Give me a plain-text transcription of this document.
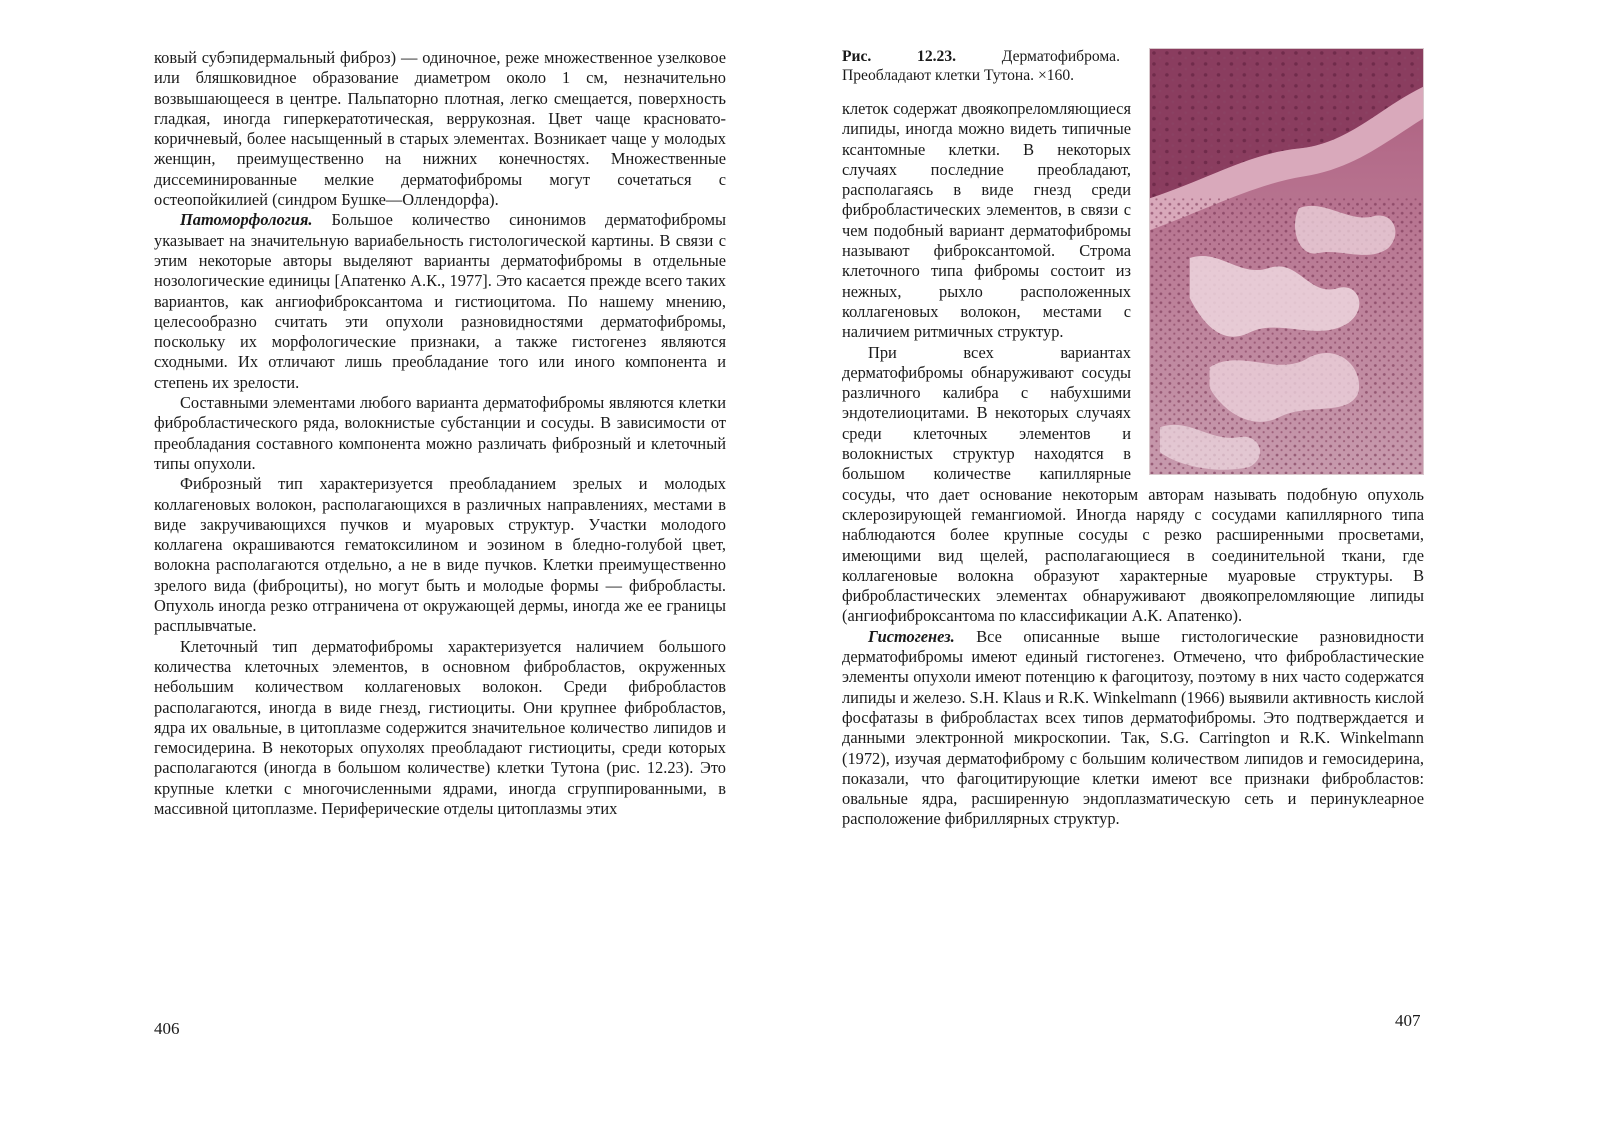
ковый субэпидермальный фиброз) — одиночное, реже множественное узелковое или бляшковидное образование диаметром около 1 см, незначительно возвышающееся в центре. Пальпаторно плотная, легко смещается, поверхность гладкая, иногда гиперкератотическая, веррукозная. Цвет чаще красновато-коричневый, более насыщенный в старых элементах. Возникает чаще у молодых женщин, преимущественно на нижних конечностях. Множественные диссеминированные мелкие дерматофибромы могут сочетаться с остеопойкилией (синдром Бушке—Оллендорфа).

Патоморфология. Большое количество синонимов дерматофибромы указывает на значительную вариабельность гистологической картины. В связи с этим некоторые авторы выделяют варианты дерматофибромы в отдельные нозологические единицы [Апатенко А.К., 1977]. Это касается прежде всего таких вариантов, как ангиофиброксантома и гистиоцитома. По нашему мнению, целесообразно считать эти опухоли разновидностями дерматофибромы, поскольку их морфологические признаки, а также гистогенез являются сходными. Их отличают лишь преобладание того или иного компонента и степень их зрелости.

Составными элементами любого варианта дерматофибромы являются клетки фибробластического ряда, волокнистые субстанции и сосуды. В зависимости от преобладания составного компонента можно различать фиброзный и клеточный типы опухоли.

Фиброзный тип характеризуется преобладанием зрелых и молодых коллагеновых волокон, располагающихся в различных направлениях, местами в виде закручивающихся пучков и муаровых структур. Участки молодого коллагена окрашиваются гематоксилином и эозином в бледно-голубой цвет, волокна располагаются отдельно, а не в виде пучков. Клетки преимущественно зрелого вида (фиброциты), но могут быть и молодые формы — фибробласты. Опухоль иногда резко отграничена от окружающей дермы, иногда же ее границы расплывчатые.

Клеточный тип дерматофибромы характеризуется наличием большого количества клеточных элементов, в основном фибробластов, окруженных небольшим количеством коллагеновых волокон. Среди фибробластов располагаются, иногда в виде гнезд, гистиоциты. Они крупнее фибробластов, ядра их овальные, в цитоплазме содержится значительное количество липидов и гемосидерина. В некоторых опухолях преобладают гистиоциты, среди которых располагаются (иногда в большом количестве) клетки Тутона (рис. 12.23). Это крупные клетки с многочисленными ядрами, иногда сгруппированными, в массивной цитоплазме. Периферические отделы цитоплазмы этих

406

Рис. 12.23. Дерматофиброма. Преобладают клетки Тутона. ×160.

клеток содержат двоякопреломляющиеся липиды, иногда можно видеть типичные ксантомные клетки. В некоторых случаях последние преобладают, располагаясь в виде гнезд среди фибробластических элементов, в связи с чем подобный вариант дерматофибромы называют фиброксантомой. Строма клеточного типа фибромы состоит из нежных, рыхло расположенных коллагеновых волокон, местами с наличием ритмичных структур.

При всех вариантах дерматофибромы обнаруживают сосуды различного калибра с набухшими эндотелиоцитами. В некоторых случаях среди клеточных элементов и волокнистых структур находятся в большом количестве капиллярные сосуды, что дает основание некоторым авторам называть подобную опухоль склерозирующей гемангиомой. Иногда наряду с сосудами капиллярного типа наблюдаются более крупные сосуды с резко расширенными просветами, имеющими вид щелей, располагающиеся в соединительной ткани, где коллагеновые волокна образуют характерные муаровые структуры. В фибробластических элементах обнаруживают двоякопреломляющие липиды (ангиофиброксантома по классификации А.К. Апатенко).

Гистогенез. Все описанные выше гистологические разновидности дерматофибромы имеют единый гистогенез. Отмечено, что фибробластические элементы опухоли имеют потенцию к фагоцитозу, поэтому в них часто содержатся липиды и железо. S.H. Klaus и R.K. Winkelmann (1966) выявили активность кислой фосфатазы в фибробластах всех типов дерматофибромы. Это подтверждается и данными электронной микроскопии. Так, S.G. Carrington и R.K. Winkelmann (1972), изучая дерматофиброму с большим количеством липидов и гемосидерина, показали, что фагоцитирующие клетки имеют все признаки фибробластов: овальные ядра, расширенную эндоплазматическую сеть и перинуклеарное расположение фибриллярных структур.

407
